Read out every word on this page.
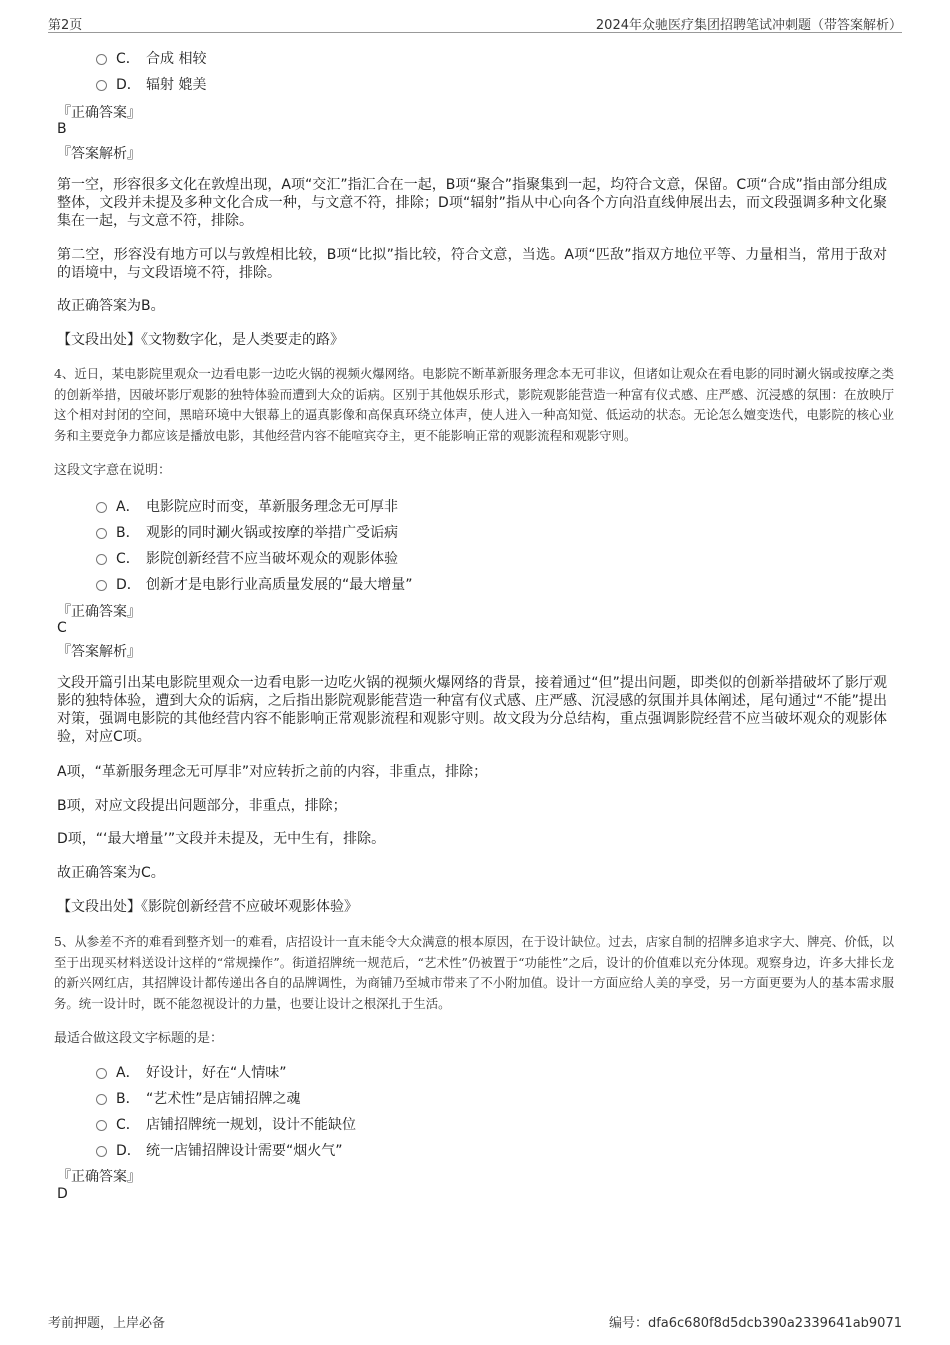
第2页	2024年众驰医疗集团招聘笔试冲刺题（带答案解析）
C． 合成 相较
D． 辐射 媲美
『正确答案』
B
『答案解析』

第一空，形容很多文化在敦煌出现，A项“交汇”指汇合在一起，B项“聚合”指聚集到一起，均符合文意，保留。C项“合成”指由部分组成整体，文段并未提及多种文化合成一种，与文意不符，排除；D项“辐射”指从中心向各个方向沿直线伸展出去，而文段强调多种文化聚集在一起，与文意不符，排除。

第二空，形容没有地方可以与敦煌相比较，B项“比拟”指比较，符合文意，当选。A项“匹敌”指双方地位平等、力量相当，常用于敌对的语境中，与文段语境不符，排除。

故正确答案为B。

【文段出处】《文物数字化，是人类要走的路》

4、近日，某电影院里观众一边看电影一边吃火锅的视频火爆网络。电影院不断革新服务理念本无可非议，但诸如让观众在看电影的同时涮火锅或按摩之类的创新举措，因破坏影厅观影的独特体验而遭到大众的诟病。区别于其他娱乐形式，影院观影能营造一种富有仪式感、庄严感、沉浸感的氛围：在放映厅这个相对封闭的空间，黑暗环境中大银幕上的逼真影像和高保真环绕立体声，使人进入一种高知觉、低运动的状态。无论怎么嬗变迭代，电影院的核心业务和主要竞争力都应该是播放电影，其他经营内容不能喧宾夺主，更不能影响正常的观影流程和观影守则。

这段文字意在说明：
A． 电影院应时而变，革新服务理念无可厚非
B． 观影的同时涮火锅或按摩的举措广受诟病
C． 影院创新经营不应当破坏观众的观影体验
D． 创新才是电影行业高质量发展的“最大增量”
『正确答案』
C
『答案解析』

文段开篇引出某电影院里观众一边看电影一边吃火锅的视频火爆网络的背景，接着通过“但”提出问题，即类似的创新举措破坏了影厅观影的独特体验，遭到大众的诟病，之后指出影院观影能营造一种富有仪式感、庄严感、沉浸感的氛围并具体阐述，尾句通过“不能”提出对策，强调电影院的其他经营内容不能影响正常观影流程和观影守则。故文段为分总结构，重点强调影院经营不应当破坏观众的观影体验，对应C项。

A项，“革新服务理念无可厚非”对应转折之前的内容，非重点，排除；

B项，对应文段提出问题部分，非重点，排除；

D项，“‘最大增量’”文段并未提及，无中生有，排除。

故正确答案为C。

【文段出处】《影院创新经营不应破坏观影体验》

5、从参差不齐的难看到整齐划一的难看，店招设计一直未能令大众满意的根本原因，在于设计缺位。过去，店家自制的招牌多追求字大、牌亮、价低，以至于出现买材料送设计这样的“常规操作”。街道招牌统一规范后，“艺术性”仍被置于“功能性”之后，设计的价值难以充分体现。观察身边，许多大排长龙的新兴网红店，其招牌设计都传递出各自的品牌调性，为商铺乃至城市带来了不小附加值。设计一方面应给人美的享受，另一方面更要为人的基本需求服务。统一设计时，既不能忽视设计的力量，也要让设计之根深扎于生活。

最适合做这段文字标题的是：
A． 好设计，好在“人情味”
B． “艺术性”是店铺招牌之魂
C． 店铺招牌统一规划，设计不能缺位
D． 统一店铺招牌设计需要“烟火气”
『正确答案』
D
考前押题，上岸必备	编号：dfa6c680f8d5dcb390a2339641ab9071
